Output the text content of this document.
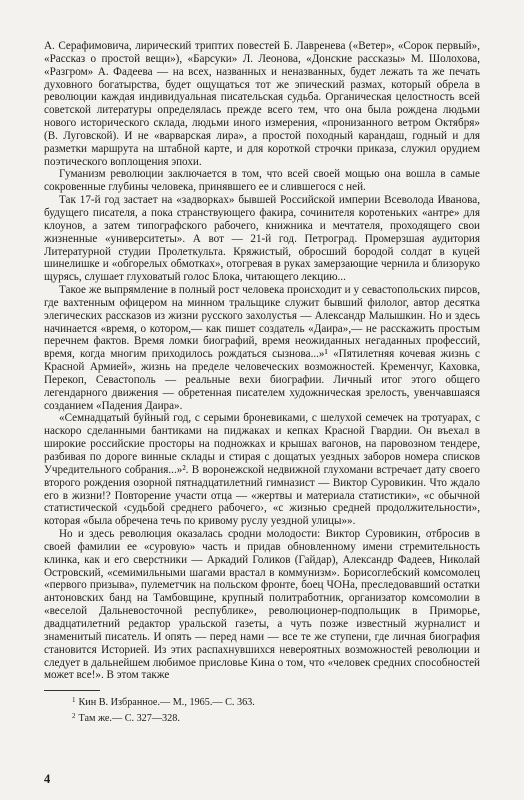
А. Серафимовича, лирический триптих повестей Б. Лавренева («Ветер», «Сорок первый», «Рассказ о простой вещи»), «Барсуки» Л. Леонова, «Донские рассказы» М. Шолохова, «Разгром» А. Фадеева — на всех, названных и неназванных, будет лежать та же печать духовного богатырства, будет ощущаться тот же эпический размах, который обрела в революции каждая индивидуальная писательская судьба. Органическая целостность всей советской литературы определялась прежде всего тем, что она была рождена людьми нового исторического склада, людьми иного измерения, «пронизанного ветром Октября» (В. Луговской). И не «варварская лира», а простой походный карандаш, годный и для разметки маршрута на штабной карте, и для короткой строчки приказа, служил орудием поэтического воплощения эпохи.

Гуманизм революции заключается в том, что всей своей мощью она вошла в самые сокровенные глубины человека, принявшего ее и слившегося с ней.

Так 17-й год застает на «задворках» бывшей Российской империи Всеволода Иванова, будущего писателя, а пока странствующего факира, сочинителя коротеньких «антре» для клоунов, а затем типографского рабочего, книжника и мечтателя, проходящего свои жизненные «университеты». А вот — 21-й год. Петроград. Промерзшая аудитория Литературной студии Пролеткульта. Кряжистый, обросший бородой солдат в куцей шинелишке и «обгорелых обмотках», отогревая в руках замерзающие чернила и близоруко щурясь, слушает глуховатый голос Блока, читающего лекцию...

Такое же выпрямление в полный рост человека происходит и у севастопольских пирсов, где вахтенным офицером на минном тральщике служит бывший филолог, автор десятка элегических рассказов из жизни русского захолустья — Александр Малышкин. Но и здесь начинается «время, о котором,— как пишет создатель «Даира»,— не расскажить простым перечнем фактов. Время ломки биографий, время неожиданных негаданных профессий, время, когда многим приходилось рождаться сызнова...»¹ «Пятилетняя кочевая жизнь с Красной Армией», жизнь на пределе человеческих возможностей. Кременчуг, Каховка, Перекоп, Севастополь — реальные вехи биографии. Личный итог этого общего легендарного движения — обретенная писателем художническая зрелость, увенчавшаяся созданием «Падения Даира».

«Семнадцатый буйный год, с серыми броневиками, с шелухой семечек на тротуарах, с наскоро сделанными бантиками на пиджаках и кепках Красной Гвардии. Он въехал в широкие российские просторы на подножках и крышах вагонов, на паровозном тендере, разбивая по дороге винные склады и стирая с дощатых уездных заборов номера списков Учредительного собрания...»². В воронежской недвижной глухомани встречает дату своего второго рождения озорной пятнадцатилетний гимназист — Виктор Суровикин. Что ждало его в жизни!? Повторение участи отца — «жертвы и материала статистики», «с обычной статистической ‹судьбой среднего рабочего›, «с жизнью средней продолжительности», которая «была обречена течь по кривому руслу уездной улицы»».

Но и здесь революция оказалась сродни молодости: Виктор Суровикин, отбросив в своей фамилии ее «суровую» часть и придав обновленному имени стремительность клинка, как и его сверстники — Аркадий Голиков (Гайдар), Александр Фадеев, Николай Островский, «семимильными шагами врастал в коммунизм». Борисоглебский комсомолец «первого призыва», пулеметчик на польском фронте, боец ЧОНа, преследовавший остатки антоновских банд на Тамбовщине, крупный политработник, организатор комсомолии в «веселой Дальневосточной республике», революционер-подпольщик в Приморье, двадцатилетний редактор уральской газеты, а чуть позже известный журналист и знаменитый писатель. И опять — перед нами — все те же ступени, где личная биография становится Историей. Из этих распахнувшихся невероятных возможностей революции и следует в дальнейшем любимое присловье Кина о том, что «человек средних способностей может все!». В этом также

$^1$ Кин В. Избранное.— М., 1965.— С. 363.

$^2$ Там же.— С. 327—328.

4
